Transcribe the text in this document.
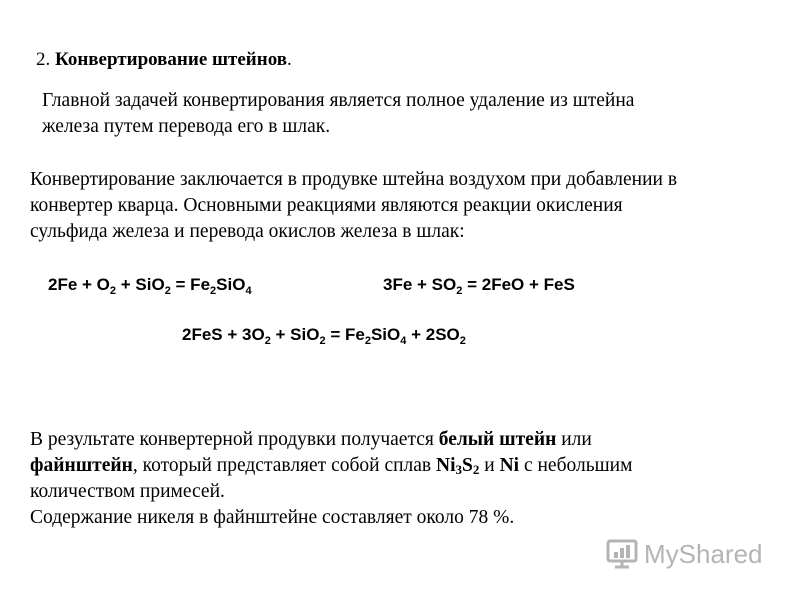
2. Конвертирование штейнов.
Главной задачей конвертирования является полное удаление из штейна
железа путем перевода его в шлак.
Конвертирование заключается в продувке штейна воздухом при добавлении в
конвертер кварца. Основными реакциями являются реакции окисления
сульфида железа и перевода окислов железа в шлак:
$2Fe + O_2 + SiO_2 = Fe_2SiO_4$	$3Fe + SO_2 = 2FeO$ + FeS
$2FeS + 3O_2 + SiO_2 = Fe_2SiO_4 + 2SO_2$
В результате конвертерной продувки получается белый штейн или
файнштейн, который представляет собой сплав $Ni_3S_2$ и Ni с небольшим
количеством примесей.
Содержание никеля в файнштейне составляет около 78 %.
MyShared
